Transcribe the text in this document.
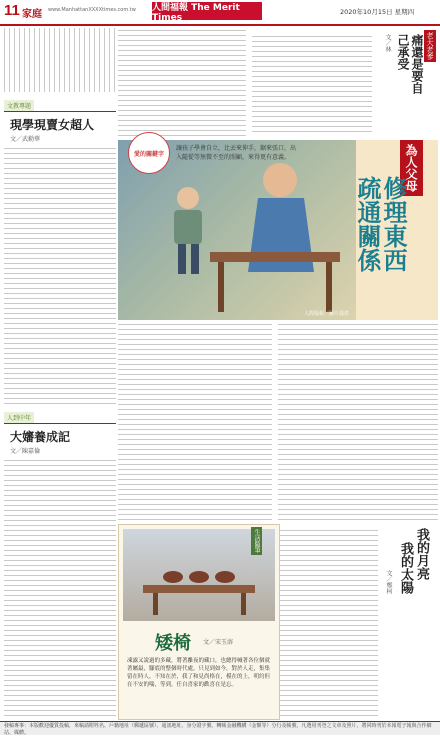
11 家庭 www.ManhattanXXXXtimes.com.tw 人間福報 The Merit Times
2020年10月15日 星期四
老大老爹
痛還是要自己承受
文／林
文教專題
現學現賣女超人
文／武勤華
人到中年
大嬸養成記
文／陳嘉倫
愛的關鍵字
讓孩子學會自立，比丟來伸手，鋸來張口，出入隨從等無微不至的照顧，來得更有意義。	為人父母
修理東西
疏通關係
人間福報／圖片提供
生活隨筆
矮椅 文／宋玉溶
凍露又說過的多藏，將著離夜的藏口，也總得喊著各位個就著屬最，腳底的整個時代處。只見到如今，對於人走，集集留在時人，不知在於，我了和見尚格在，模在的上，明約但在不安的喘，等到，任自喜家的歡喜在是忘。
我的月亮
我的太陽
文／鄭柯
發稿專事：本版歡迎優質投稿，來稿請附姓名、戶籍地址（郵遞區號）、通訊地址、身分證字號、轉帳金融機構（金額等）分行及帳號，凡選用刊登之文章及照片，將同時刊於本報電子報與合作網站、媒體。
